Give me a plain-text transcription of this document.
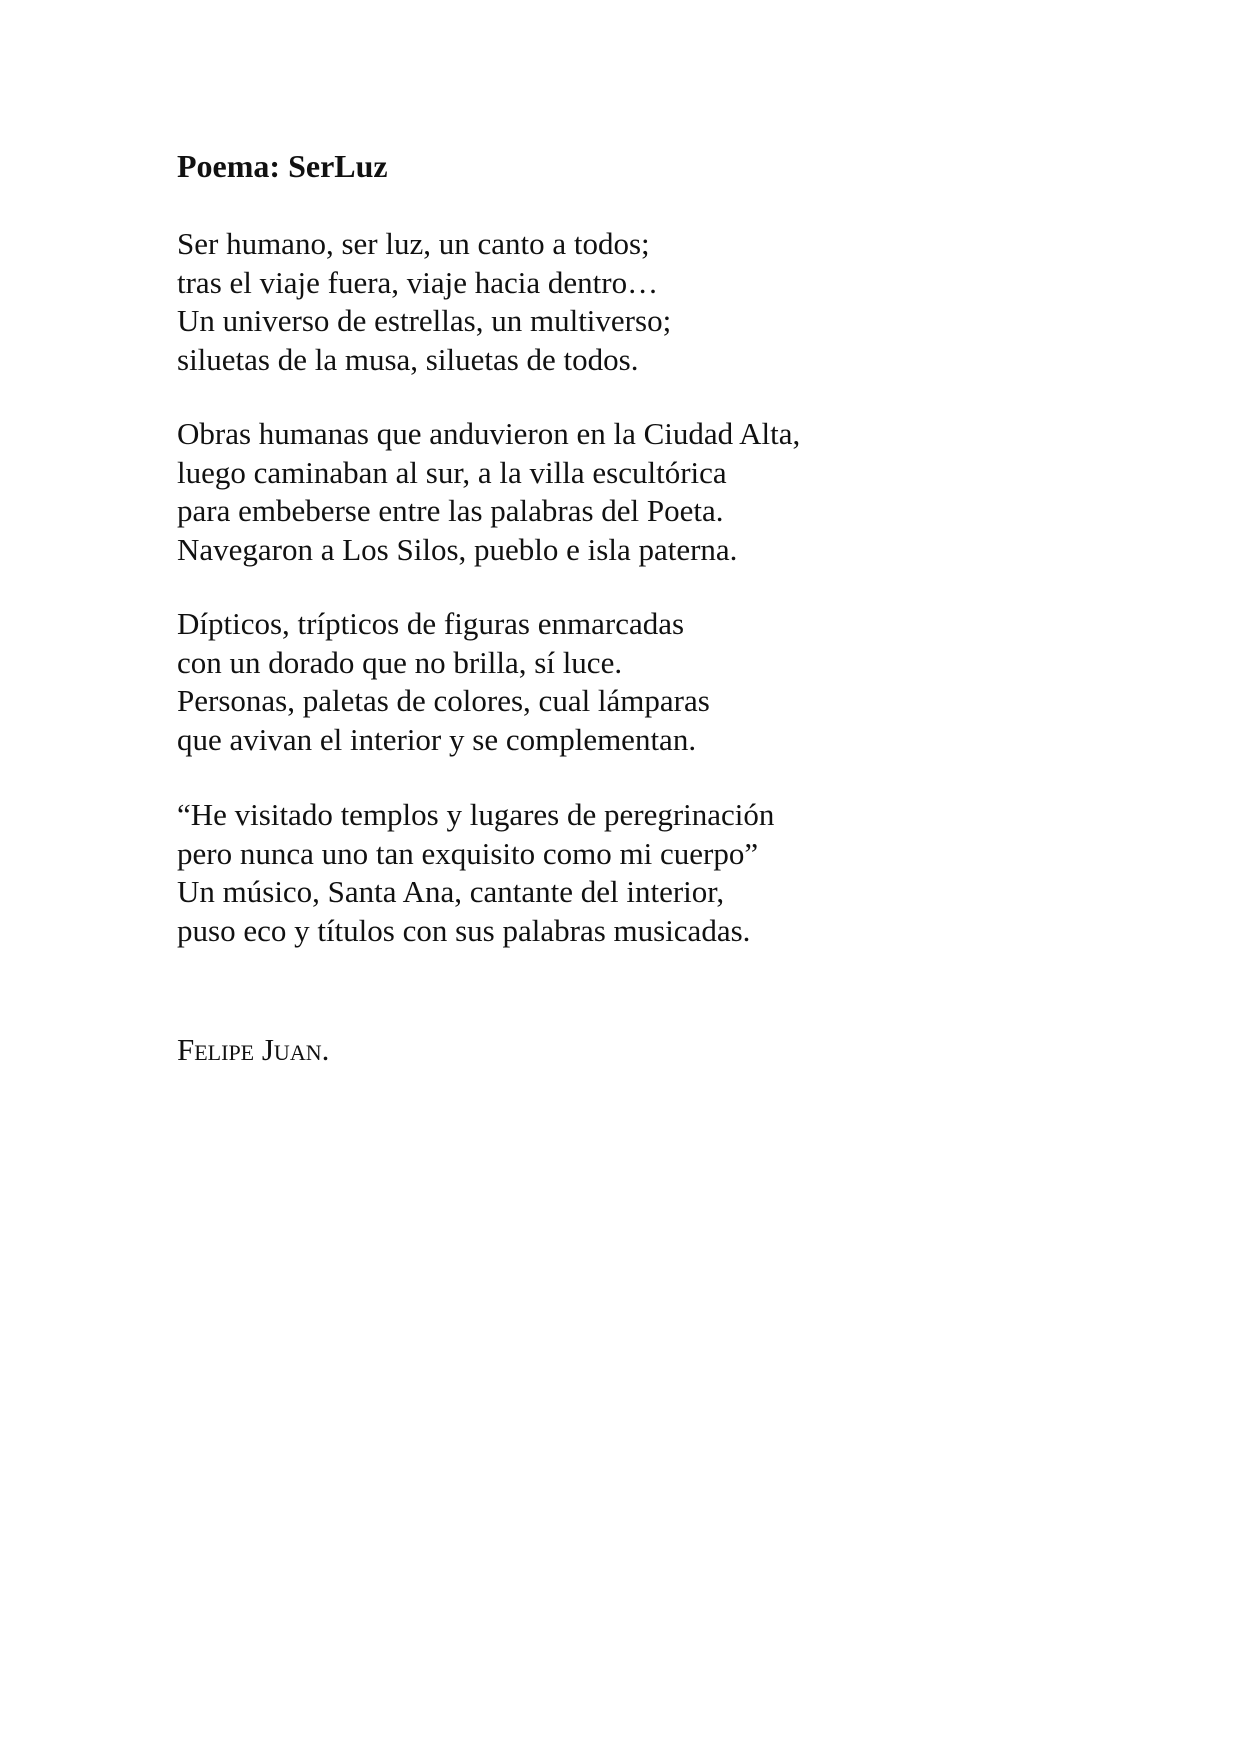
Poema: SerLuz

Ser humano, ser luz, un canto a todos;
tras el viaje fuera, viaje hacia dentro…
Un universo de estrellas, un multiverso;
siluetas de la musa, siluetas de todos.

Obras humanas que anduvieron en la Ciudad Alta,
luego caminaban al sur, a la villa escultórica
para embeberse entre las palabras del Poeta.
Navegaron a Los Silos, pueblo e isla paterna.

Dípticos, trípticos de figuras enmarcadas
con un dorado que no brilla, sí luce.
Personas, paletas de colores, cual lámparas
que avivan el interior y se complementan.

“He visitado templos y lugares de peregrinación
pero nunca uno tan exquisito como mi cuerpo”
Un músico, Santa Ana, cantante del interior,
puso eco y títulos con sus palabras musicadas.

Felipe Juan.
